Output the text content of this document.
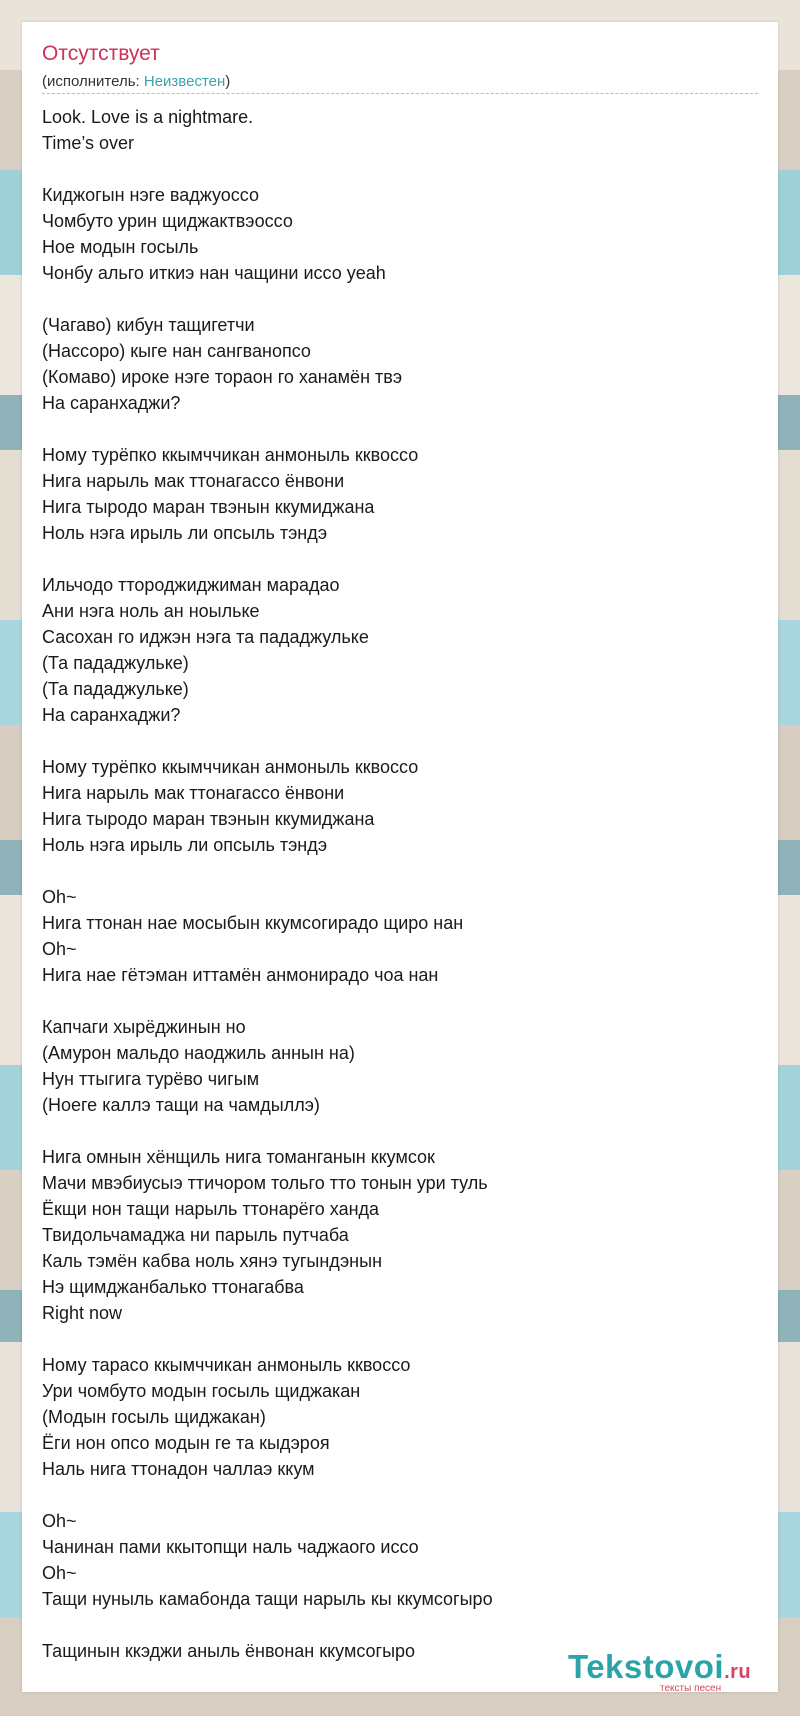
Отсутствует
(исполнитель: Неизвестен)
Look. Love is a nightmare.
Time’s over
Киджогын нэге ваджуоссо
Чомбуто урин щиджактвэоссо
Ное модын госыль
Чонбу альго иткиэ нан чащини иссо yeah
(Чагаво) кибун тащигетчи
(Нассоро) кыге нан сангванопсо
(Комаво) ироке нэге тораон го ханамён твэ
На саранхаджи?
Ному турёпко ккымччикан анмоныль кквоссо
Нига нарыль мак ттонагассо ёнвони
Нига тыродо маран твэнын ккумиджана
Ноль нэга ирыль ли опсыль тэндэ
Ильчодо ттороджиджиман марадао
Ани нэга ноль ан ноыльке
Сасохан го иджэн нэга та пададжульке
(Та пададжульке)
(Та пададжульке)
На саранхаджи?
Ному турёпко ккымччикан анмоныль кквоссо
Нига нарыль мак ттонагассо ёнвони
Нига тыродо маран твэнын ккумиджана
Ноль нэга ирыль ли опсыль тэндэ
Oh~
Нига ттонан нае мосыбын ккумсогирадо щиро нан
Oh~
Нига нае гётэман иттамён анмонирадо чоа нан
Капчаги хырёджинын но
(Амурон мальдо наоджиль аннын на)
Нун ттыгига турёво чигым
(Ноеге каллэ тащи на чамдыллэ)
Нига омнын хёнщиль нига томанганын ккумсок
Мачи мвэбиусыэ ттичором тольго тто тонын ури туль
Ёкщи нон тащи нарыль ттонарёго ханда
Твидольчамаджа ни парыль путчаба
Каль тэмён кабва ноль хянэ тугындэнын
Нэ щимджанбалько ттонагабва
Right now
Ному тарасо ккымччикан анмоныль кквоссо
Ури чомбуто модын госыль щиджакан
(Модын госыль щиджакан)
Ёги нон опсо модын ге та кыдэроя
Наль нига ттонадон чаллаэ ккум
Oh~
Чанинан пами ккытопщи наль чаджаого иссо
Oh~
Тащи нуныль камабонда тащи нарыль кы ккумсогыро
Тащинын ккэджи аныль ёнвонан ккумсогыро	Tekstovoi.ru
тексты песен
